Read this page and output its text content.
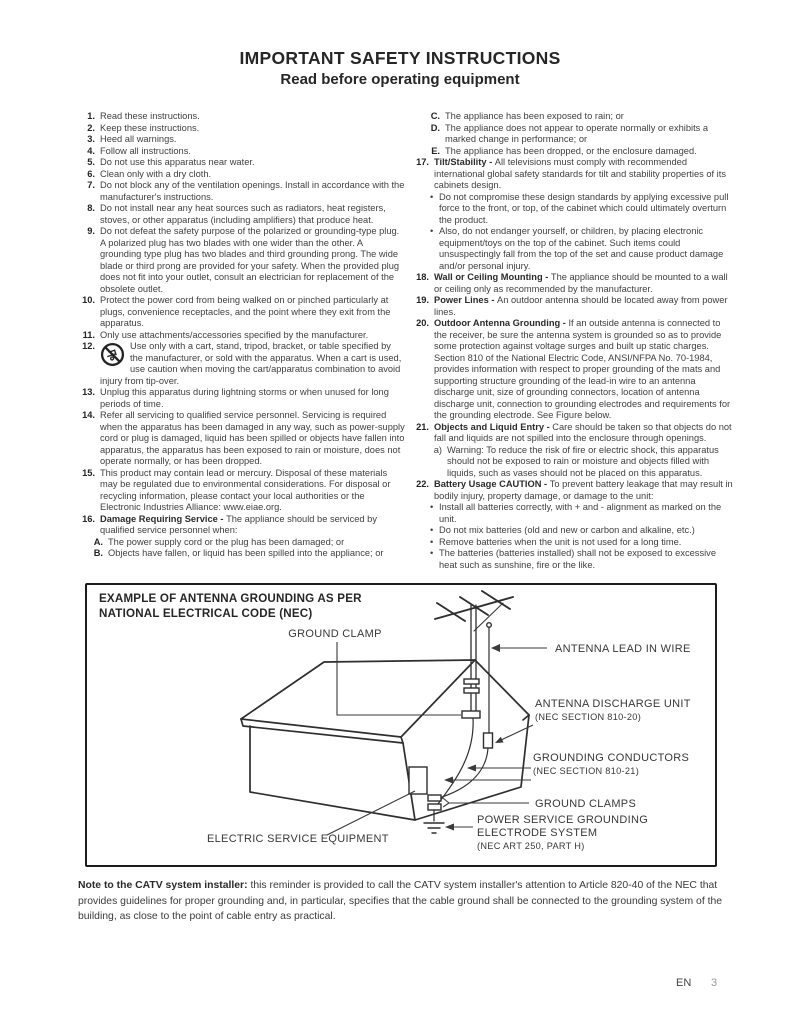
IMPORTANT SAFETY INSTRUCTIONS
Read before operating equipment
1. Read these instructions.
2. Keep these instructions.
3. Heed all warnings.
4. Follow all instructions.
5. Do not use this apparatus near water.
6. Clean only with a dry cloth.
7. Do not block any of the ventilation openings. Install in accordance with the manufacturer's instructions.
8. Do not install near any heat sources such as radiators, heat registers, stoves, or other apparatus (including amplifiers) that produce heat.
9. Do not defeat the safety purpose of the polarized or grounding-type plug. A polarized plug has two blades with one wider than the other. A grounding type plug has two blades and third grounding prong. The wide blade or third prong are provided for your safety. When the provided plug does not fit into your outlet, consult an electrician for replacement of the obsolete outlet.
10. Protect the power cord from being walked on or pinched particularly at plugs, convenience receptacles, and the point where they exit from the apparatus.
11. Only use attachments/accessories specified by the manufacturer.
12.	Use only with a cart, stand, tripod, bracket, or table specified by the manufacturer, or sold with the apparatus. When a cart is used, use caution when moving the cart/apparatus combination to avoid injury from tip-over.
13. Unplug this apparatus during lightning storms or when unused for long periods of time.
14. Refer all servicing to qualified service personnel. Servicing is required when the apparatus has been damaged in any way, such as power-supply cord or plug is damaged, liquid has been spilled or objects have fallen into apparatus, the apparatus has been exposed to rain or moisture, does not operate normally, or has been dropped.
15. This product may contain lead or mercury. Disposal of these materials may be regulated due to environmental considerations. For disposal or recycling information, please contact your local authorities or the Electronic Industries Alliance: www.eiae.org.
16. Damage Requiring Service - The appliance should be serviced by qualified service personnel when:
A. The power supply cord or the plug has been damaged; or
B. Objects have fallen, or liquid has been spilled into the appliance; or
C. The appliance has been exposed to rain; or
D. The appliance does not appear to operate normally or exhibits a marked change in performance; or
E. The appliance has been dropped, or the enclosure damaged.
17. Tilt/Stability - All televisions must comply with recommended international global safety standards for tilt and stability properties of its cabinets design.
• Do not compromise these design standards by applying excessive pull force to the front, or top, of the cabinet which could ultimately overturn the product.
• Also, do not endanger yourself, or children, by placing electronic equipment/toys on the top of the cabinet. Such items could unsuspectingly fall from the top of the set and cause product damage and/or personal injury.
18. Wall or Ceiling Mounting - The appliance should be mounted to a wall or ceiling only as recommended by the manufacturer.
19. Power Lines - An outdoor antenna should be located away from power lines.
20. Outdoor Antenna Grounding - If an outside antenna is connected to the receiver, be sure the antenna system is grounded so as to provide some protection against voltage surges and built up static charges. Section 810 of the National Electric Code, ANSI/NFPA No. 70-1984, provides information with respect to proper grounding of the mats and supporting structure grounding of the lead-in wire to an antenna discharge unit, size of grounding connectors, location of antenna discharge unit, connection to grounding electrodes and requirements for the grounding electrode. See Figure below.
21. Objects and Liquid Entry - Care should be taken so that objects do not fall and liquids are not spilled into the enclosure through openings.
a) Warning: To reduce the risk of fire or electric shock, this apparatus should not be exposed to rain or moisture and objects filled with liquids, such as vases should not be placed on this apparatus.
22. Battery Usage CAUTION - To prevent battery leakage that may result in bodily injury, property damage, or damage to the unit:
• Install all batteries correctly, with + and - alignment as marked on the unit.
• Do not mix batteries (old and new or carbon and alkaline, etc.)
• Remove batteries when the unit is not used for a long time.
• The batteries (batteries installed) shall not be exposed to excessive heat such as sunshine, fire or the like.
GROUND CLAMP
ANTENNA LEAD IN WIRE
ANTENNA DISCHARGE UNIT
(NEC SECTION 810-20)
GROUNDING CONDUCTORS
(NEC SECTION 810-21)
GROUND CLAMPS
POWER SERVICE GROUNDING
ELECTRODE SYSTEM
(NEC ART 250, PART H)
ELECTRIC SERVICE EQUIPMENT
EXAMPLE OF ANTENNA GROUNDING AS PER
NATIONAL ELECTRICAL CODE (NEC)
Note to the CATV system installer: this reminder is provided to call the CATV system installer's attention to Article 820-40 of the NEC that provides guidelines for proper grounding and, in particular, specifies that the cable ground shall be connected to the grounding system of the building, as close to the point of cable entry as practical.
EN 3
